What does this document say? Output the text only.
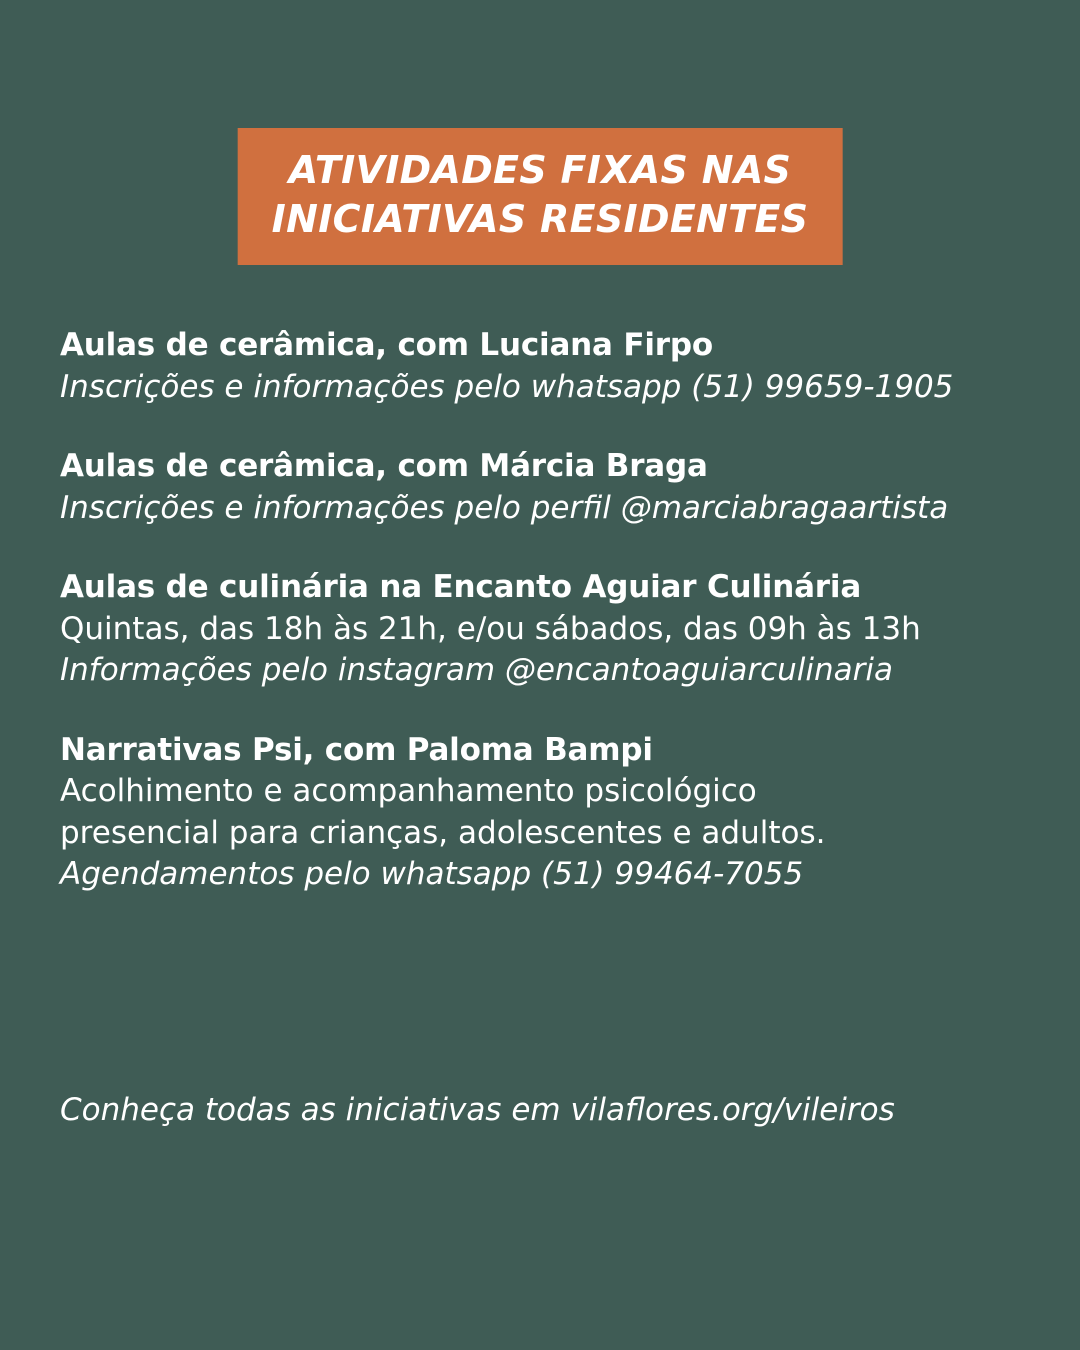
ATIVIDADES FIXAS NAS
INICIATIVAS RESIDENTES
Aulas de cerâmica, com Luciana Firpo
Inscrições e informações pelo whatsapp (51) 99659-1905
Aulas de cerâmica, com Márcia Braga
Inscrições e informações pelo perfil @marciabragaartista
Aulas de culinária na Encanto Aguiar Culinária
Quintas, das 18h às 21h, e/ou sábados, das 09h às 13h
Informações pelo instagram @encantoaguiarculinaria
Narrativas Psi, com Paloma Bampi
Acolhimento e acompanhamento psicológico
presencial para crianças, adolescentes e adultos.
Agendamentos pelo whatsapp (51) 99464-7055
Conheça todas as iniciativas em vilaflores.org/vileiros
